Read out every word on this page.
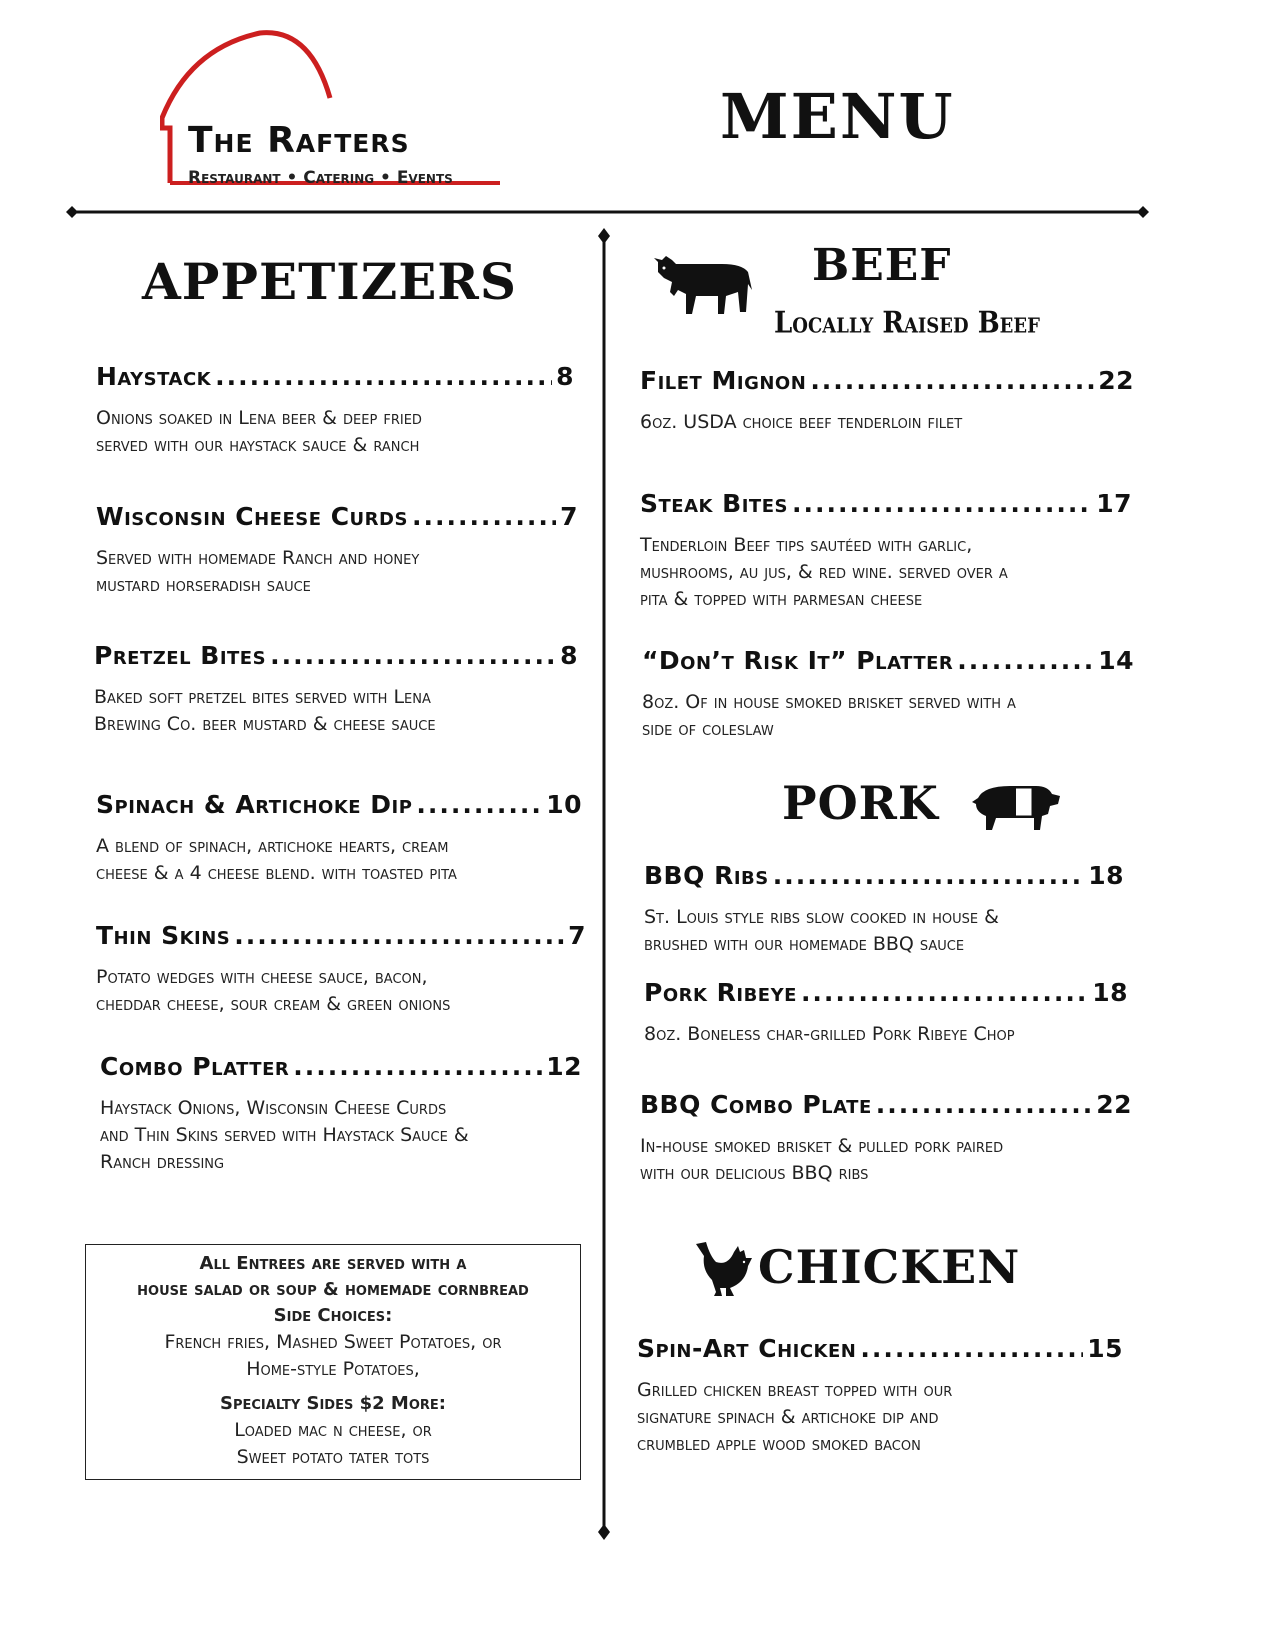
The Rafters
Restaurant • Catering • Events
MENU
APPETIZERS
Haystack .....	8
Onions soaked in Lena beer & deep fried
served with our haystack sauce & ranch
Wisconsin Cheese Curds .....	7
Served with homemade Ranch and honey
mustard horseradish sauce
Pretzel Bites .....	8
Baked soft pretzel bites served with Lena
Brewing Co. beer mustard & cheese sauce
Spinach & Artichoke Dip .....	10
A blend of spinach, artichoke hearts, cream
cheese & a 4 cheese blend. with toasted pita
Thin Skins .....	7
Potato wedges with cheese sauce, bacon,
cheddar cheese, sour cream & green onions
Combo Platter .....	12
Haystack Onions, Wisconsin Cheese Curds
and Thin Skins served with Haystack Sauce &
Ranch dressing
All Entrees are served with a
house salad or soup & homemade cornbread
Side Choices:
French fries, Mashed Sweet Potatoes, or
Home-style Potatoes,
Specialty Sides $2 More:
Loaded mac n cheese, or
Sweet potato tater tots
BEEF
Locally Raised Beef
Filet Mignon .....	22
6oz. USDA choice beef tenderloin filet
Steak Bites .....	17
Tenderloin Beef tips sautéed with garlic,
mushrooms, au jus, & red wine. served over a
pita & topped with parmesan cheese
“Don’t Risk It” Platter .....	14
8oz. Of in house smoked brisket served with a
side of coleslaw
PORK
BBQ Ribs .....	18
St. Louis style ribs slow cooked in house &
brushed with our homemade BBQ sauce
Pork Ribeye .....	18
8oz. Boneless char-grilled Pork Ribeye Chop
BBQ Combo Plate .....	22
In-house smoked brisket & pulled pork paired
with our delicious BBQ ribs
CHICKEN
Spin-Art Chicken .....	15
Grilled chicken breast topped with our
signature spinach & artichoke dip and
crumbled apple wood smoked bacon
